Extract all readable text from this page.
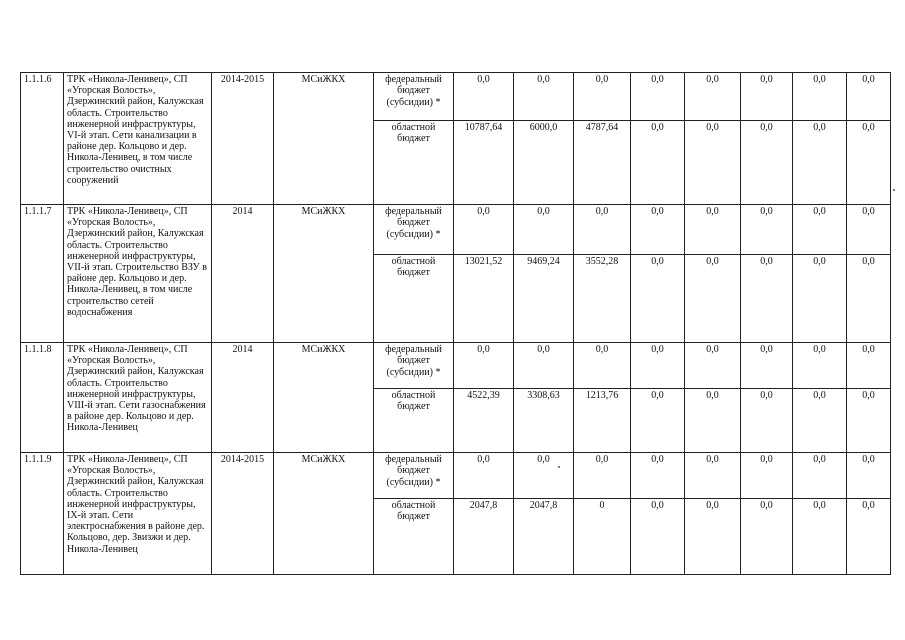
1.1.1.6	ТРК «Никола-Ленивец», СП «Угорская Волость», Дзержинский район, Калужская область. Строительство инженерной инфраструктуры, VI-й этап. Сети канализации в районе дер. Кольцово и дер. Никола-Ленивец, в том числе строительство очистных сооружений	2014-2015	МСиЖКХ	федеральный бюджет (субсидии) *	0,0	0,0	0,0	0,0	0,0	0,0	0,0	0,0
				областной бюджет	10787,64	6000,0	4787,64	0,0	0,0	0,0	0,0	0,0
1.1.1.7	ТРК «Никола-Ленивец», СП «Угорская Волость», Дзержинский район, Калужская область. Строительство инженерной инфраструктуры, VII-й этап. Строительство ВЗУ в районе дер. Кольцово и дер. Никола-Ленивец, в том числе строительство сетей водоснабжения	2014	МСиЖКХ	федеральный бюджет (субсидии) *	0,0	0,0	0,0	0,0	0,0	0,0	0,0	0,0
				областной бюджет	13021,52	9469,24	3552,28	0,0	0,0	0,0	0,0	0,0
1.1.1.8	ТРК «Никола-Ленивец», СП «Угорская Волость», Дзержинский район, Калужская область. Строительство инженерной инфраструктуры, VIII-й этап. Сети газоснабжения в районе дер. Кольцово и дер. Никола-Ленивец	2014	МСиЖКХ	федеральный бюджет (субсидии) *	0,0	0,0	0,0	0,0	0,0	0,0	0,0	0,0
				областной бюджет	4522,39	3308,63	1213,76	0,0	0,0	0,0	0,0	0,0
1.1.1.9	ТРК «Никола-Ленивец», СП «Угорская Волость», Дзержинский район, Калужская область. Строительство инженерной инфраструктуры, IX-й этап. Сети электроснабжения в районе дер. Кольцово, дер. Звизжи и дер. Никола-Ленивец	2014-2015	МСиЖКХ	федеральный бюджет (субсидии) *	0,0	0,0	0,0	0,0	0,0	0,0	0,0	0,0
				областной бюджет	2047,8	2047,8	0	0,0	0,0	0,0	0,0	0,0
